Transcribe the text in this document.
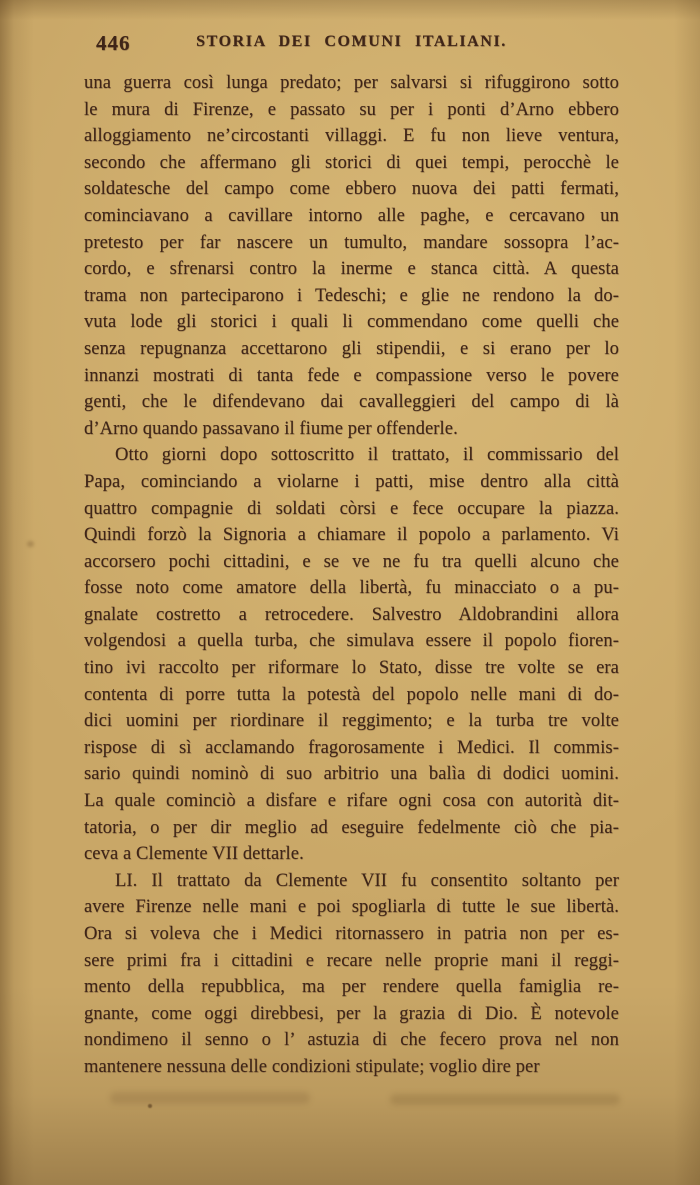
446	STORIA DEI COMUNI ITALIANI.
una guerra così lunga predato; per salvarsi si rifuggirono sotto
le mura di Firenze, e passato su per i ponti d’Arno ebbero
alloggiamento ne’circostanti villaggi. E fu non lieve ventura,
secondo che affermano gli storici di quei tempi, perocchè le
soldatesche del campo come ebbero nuova dei patti fermati,
cominciavano a cavillare intorno alle paghe, e cercavano un
pretesto per far nascere un tumulto, mandare sossopra l’ac-
cordo, e sfrenarsi contro la inerme e stanca città. A questa
trama non parteciparono i Tedeschi; e glie ne rendono la do-
vuta lode gli storici i quali li commendano come quelli che
senza repugnanza accettarono gli stipendii, e si erano per lo
innanzi mostrati di tanta fede e compassione verso le povere
genti, che le difendevano dai cavalleggieri del campo di là
d’Arno quando passavano il fiume per offenderle.
Otto giorni dopo sottoscritto il trattato, il commissario del
Papa, cominciando a violarne i patti, mise dentro alla città
quattro compagnie di soldati còrsi e fece occupare la piazza.
Quindi forzò la Signoria a chiamare il popolo a parlamento. Vi
accorsero pochi cittadini, e se ve ne fu tra quelli alcuno che
fosse noto come amatore della libertà, fu minacciato o a pu-
gnalate costretto a retrocedere. Salvestro Aldobrandini allora
volgendosi a quella turba, che simulava essere il popolo fioren-
tino ivi raccolto per riformare lo Stato, disse tre volte se era
contenta di porre tutta la potestà del popolo nelle mani di do-
dici uomini per riordinare il reggimento; e la turba tre volte
rispose di sì acclamando fragorosamente i Medici. Il commis-
sario quindi nominò di suo arbitrio una balìa di dodici uomini.
La quale cominciò a disfare e rifare ogni cosa con autorità dit-
tatoria, o per dir meglio ad eseguire fedelmente ciò che pia-
ceva a Clemente VII dettarle.
LI. Il trattato da Clemente VII fu consentito soltanto per
avere Firenze nelle mani e poi spogliarla di tutte le sue libertà.
Ora si voleva che i Medici ritornassero in patria non per es-
sere primi fra i cittadini e recare nelle proprie mani il reggi-
mento della repubblica, ma per rendere quella famiglia re-
gnante, come oggi direbbesi, per la grazia di Dio. È notevole
nondimeno il senno o l’ astuzia di che fecero prova nel non
mantenere nessuna delle condizioni stipulate; voglio dire per
